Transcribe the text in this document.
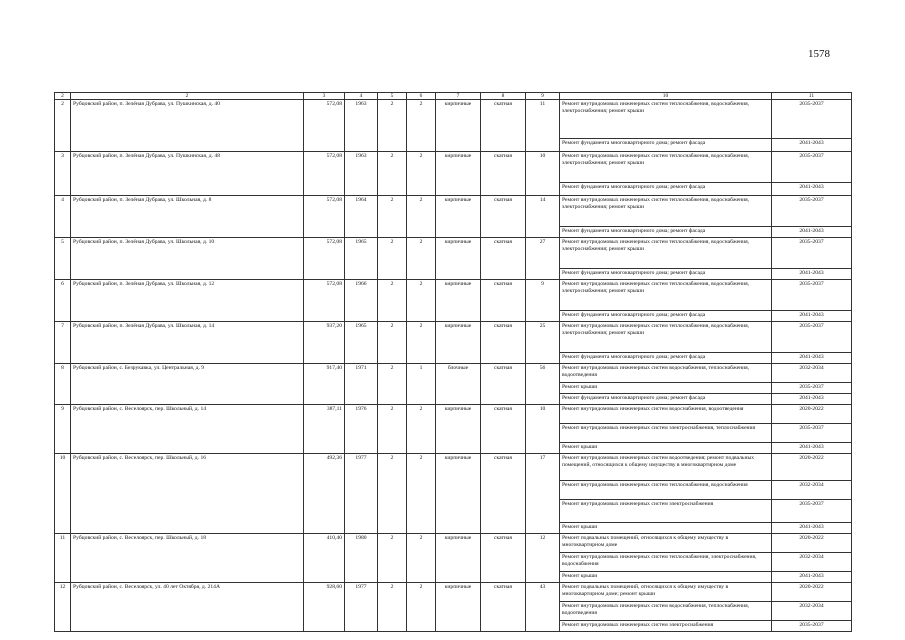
1578
2	2	3	4	5	6	7	8	9	10	11
2	Рубцовский район, п. Зелёная Дубрава, ул. Пушкинская, д. 40	572,08	1963	2	2	кирпичные	скатная	11	Ремонт внутридомовых инженерных систем теплоснабжения, водоснабжения, электроснабжения; ремонт крыши	2035-2037
									Ремонт фундамента многоквартирного дома; ремонт фасада	2041-2043
3	Рубцовский район, п. Зелёная Дубрава, ул. Пушкинская, д. 48	572,08	1963	2	2	кирпичные	скатная	10	Ремонт внутридомовых инженерных систем теплоснабжения, водоснабжения, электроснабжения; ремонт крыши	2035-2037
									Ремонт фундамента многоквартирного дома; ремонт фасада	2041-2043
4	Рубцовский район, п. Зелёная Дубрава, ул. Школьная, д. 8	572,08	1964	2	2	кирпичные	скатная	14	Ремонт внутридомовых инженерных систем теплоснабжения, водоснабжения, электроснабжения; ремонт крыши	2035-2037
									Ремонт фундамента многоквартирного дома; ремонт фасада	2041-2043
5	Рубцовский район, п. Зелёная Дубрава, ул. Школьная, д. 10	572,08	1965	2	2	кирпичные	скатная	27	Ремонт внутридомовых инженерных систем теплоснабжения, водоснабжения, электроснабжения; ремонт крыши	2035-2037
									Ремонт фундамента многоквартирного дома; ремонт фасада	2041-2043
6	Рубцовский район, п. Зелёная Дубрава, ул. Школьная, д. 12	572,08	1966	2	2	кирпичные	скатная	9	Ремонт внутридомовых инженерных систем теплоснабжения, водоснабжения, электроснабжения; ремонт крыши	2035-2037
									Ремонт фундамента многоквартирного дома; ремонт фасада	2041-2043
7	Рубцовский район, п. Зелёная Дубрава, ул. Школьная, д. 14	937,20	1965	2	2	кирпичные	скатная	25	Ремонт внутридомовых инженерных систем теплоснабжения, водоснабжения, электроснабжения; ремонт крыши	2035-2037
									Ремонт фундамента многоквартирного дома; ремонт фасада	2041-2043
8	Рубцовский район, с. Безрукавка, ул. Центральная, д. 9	917,40	1971	2	1	блочные	скатная	56	Ремонт внутридомовых инженерных систем водоснабжения, теплоснабжения, водоотведения	2032-2034
									Ремонт крыши	2035-2037
									Ремонт фундамента многоквартирного дома; ремонт фасада	2041-2043
9	Рубцовский район, с. Веселоярск, пер. Школьный, д. 14	387,11	1976	2	2	кирпичные	скатная	10	Ремонт внутридомовых инженерных систем водоснабжения, водоотведения	2020-2022
									Ремонт внутридомовых инженерных систем электроснабжения, теплоснабжения	2035-2037
									Ремонт крыши	2041-2043
10	Рубцовский район, с. Веселоярск, пер. Школьный, д. 16	492,36	1977	2	2	кирпичные	скатная	17	Ремонт внутридомовых инженерных систем водоотведения; ремонт подвальных помещений, относящихся к общему имуществу в многоквартирном доме	2020-2022
									Ремонт внутридомовых инженерных систем теплоснабжения, водоснабжения	2032-2034
									Ремонт внутридомовых инженерных систем электроснабжения	2035-2037
									Ремонт крыши	2041-2043
11	Рубцовский район, с. Веселоярск, пер. Школьный, д. 18	410,40	1980	2	2	кирпичные	скатная	12	Ремонт подвальных помещений, относящихся к общему имуществу в многоквартирном доме	2020-2022
									Ремонт внутридомовых инженерных систем теплоснабжения, электроснабжения, водоснабжения	2032-2034
									Ремонт крыши	2041-2043
12	Рубцовский район, с. Веселоярск, ул. 40 лет Октября, д. 214А	928,60	1977	2	2	кирпичные	скатная	43	Ремонт подвальных помещений, относящихся к общему имуществу в многоквартирном доме; ремонт крыши	2020-2022
									Ремонт внутридомовых инженерных систем водоснабжения, теплоснабжения, водоотведения	2032-2034
									Ремонт внутридомовых инженерных систем электроснабжения	2035-2037
